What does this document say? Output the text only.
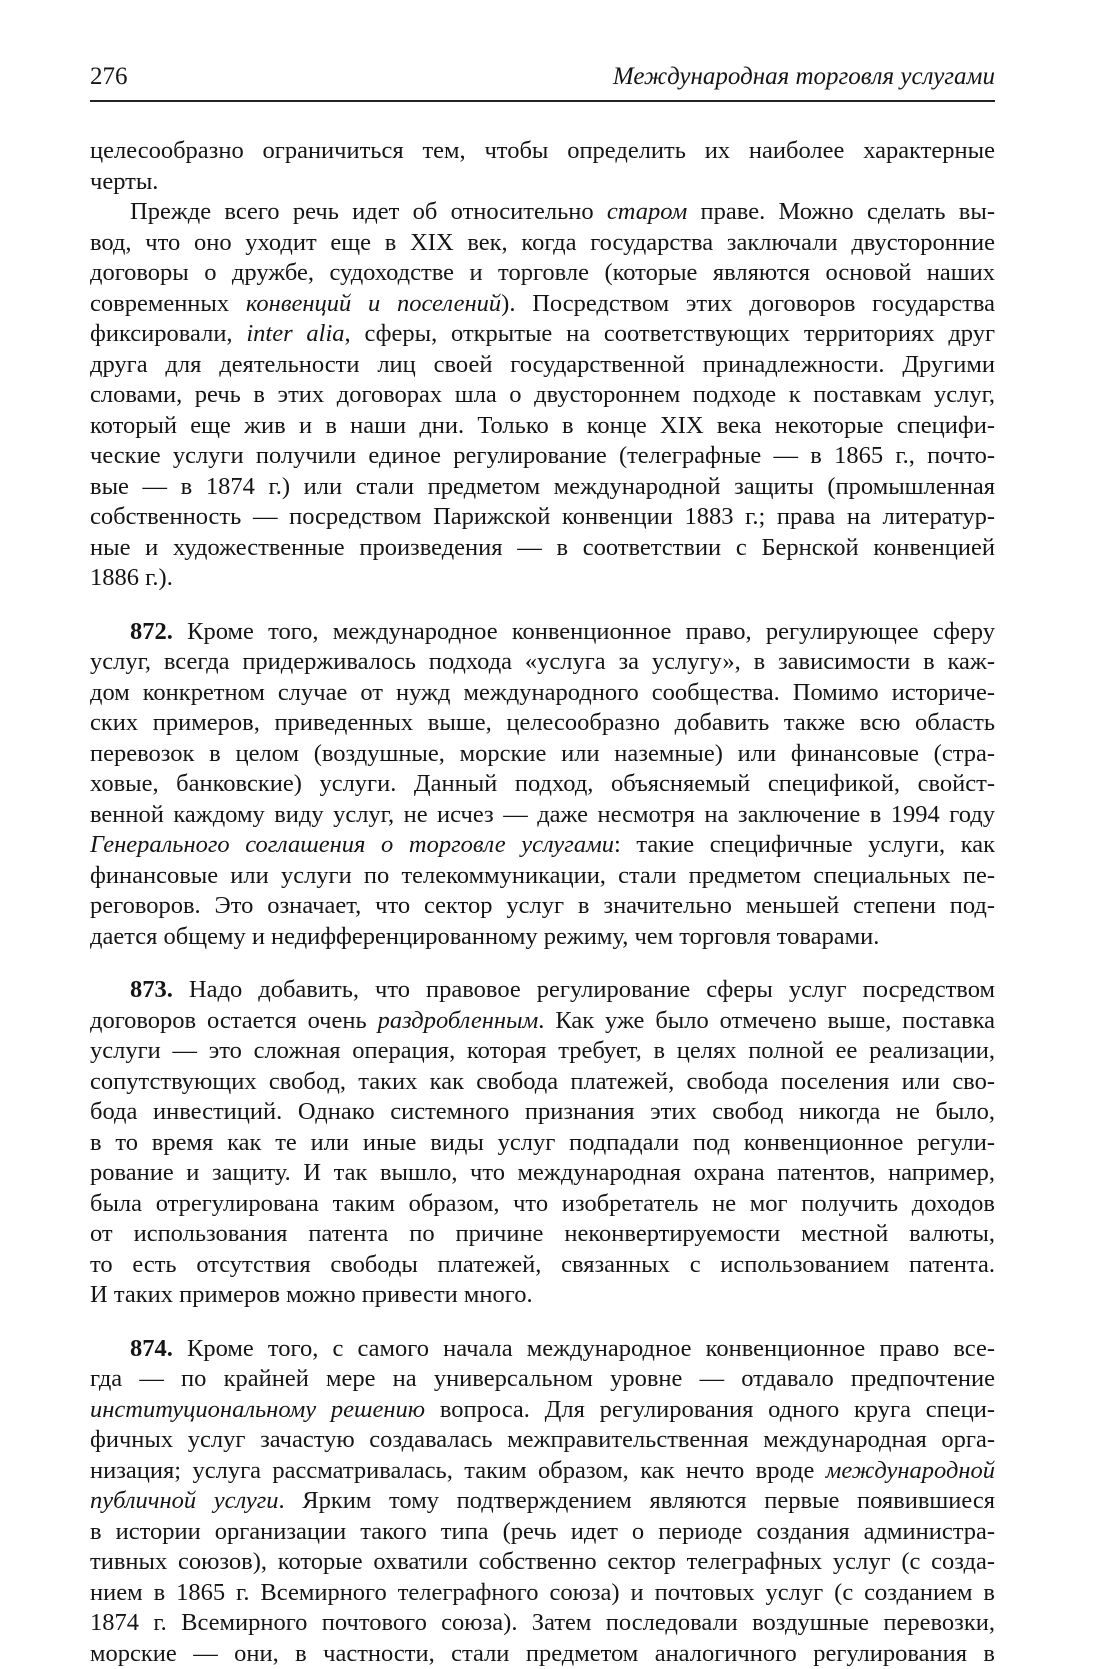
276	Международная торговля услугами
целесообразно ограничиться тем, чтобы определить их наиболее характерные
черты.
Прежде всего речь идет об относительно старом праве. Можно сделать вы-
вод, что оно уходит еще в XIX век, когда государства заключали двусторонние
договоры о дружбе, судоходстве и торговле (которые являются основой наших
современных конвенций и поселений). Посредством этих договоров государства
фиксировали, inter alia, сферы, открытые на соответствующих территориях друг
друга для деятельности лиц своей государственной принадлежности. Другими
словами, речь в этих договорах шла о двустороннем подходе к поставкам услуг,
который еще жив и в наши дни. Только в конце XIX века некоторые специфи-
ческие услуги получили единое регулирование (телеграфные — в 1865 г., почто-
вые — в 1874 г.) или стали предметом международной защиты (промышленная
собственность — посредством Парижской конвенции 1883 г.; права на литератур-
ные и художественные произведения — в соответствии с Бернской конвенцией
1886 г.).
872. Кроме того, международное конвенционное право, регулирующее сферу
услуг, всегда придерживалось подхода «услуга за услугу», в зависимости в каж-
дом конкретном случае от нужд международного сообщества. Помимо историче-
ских примеров, приведенных выше, целесообразно добавить также всю область
перевозок в целом (воздушные, морские или наземные) или финансовые (стра-
ховые, банковские) услуги. Данный подход, объясняемый спецификой, свойст-
венной каждому виду услуг, не исчез — даже несмотря на заключение в 1994 году
Генерального соглашения о торговле услугами: такие специфичные услуги, как
финансовые или услуги по телекоммуникации, стали предметом специальных пе-
реговоров. Это означает, что сектор услуг в значительно меньшей степени под-
дается общему и недифференцированному режиму, чем торговля товарами.
873. Надо добавить, что правовое регулирование сферы услуг посредством
договоров остается очень раздробленным. Как уже было отмечено выше, поставка
услуги — это сложная операция, которая требует, в целях полной ее реализации,
сопутствующих свобод, таких как свобода платежей, свобода поселения или сво-
бода инвестиций. Однако системного признания этих свобод никогда не было,
в то время как те или иные виды услуг подпадали под конвенционное регули-
рование и защиту. И так вышло, что международная охрана патентов, например,
была отрегулирована таким образом, что изобретатель не мог получить доходов
от использования патента по причине неконвертируемости местной валюты,
то есть отсутствия свободы платежей, связанных с использованием патента.
И таких примеров можно привести много.
874. Кроме того, с самого начала международное конвенционное право все-
гда — по крайней мере на универсальном уровне — отдавало предпочтение
институциональному решению вопроса. Для регулирования одного круга специ-
фичных услуг зачастую создавалась межправительственная международная орга-
низация; услуга рассматривалась, таким образом, как нечто вроде международной
публичной услуги. Ярким тому подтверждением являются первые появившиеся
в истории организации такого типа (речь идет о периоде создания администра-
тивных союзов), которые охватили собственно сектор телеграфных услуг (с созда-
нием в 1865 г. Всемирного телеграфного союза) и почтовых услуг (с созданием в
1874 г. Всемирного почтового союза). Затем последовали воздушные перевозки,
морские — они, в частности, стали предметом аналогичного регулирования в
